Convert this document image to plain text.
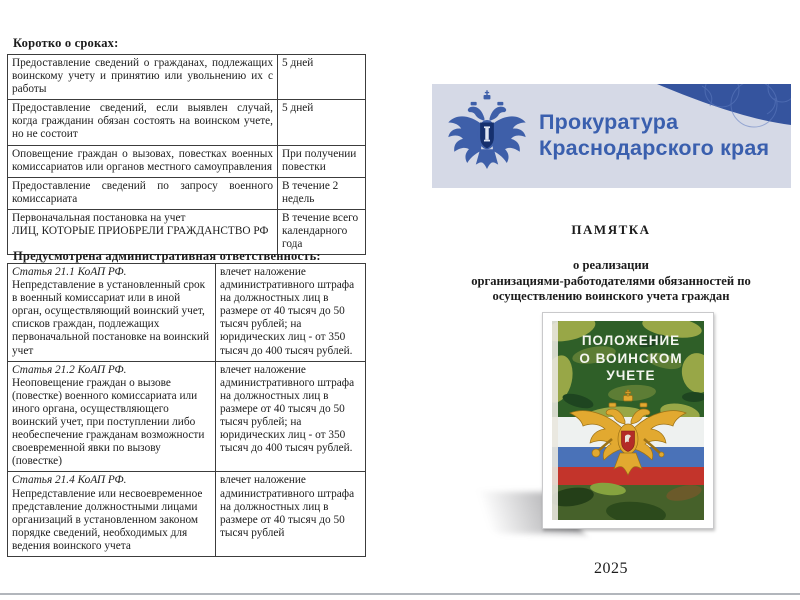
Коротко о сроках:
Предоставление сведений о гражданах, подлежащих воинскому учету и принятию или увольнению их с работы	5 дней
Предоставление сведений, если выявлен случай, когда гражданин обязан состоять на воинском учете, но не состоит	5 дней
Оповещение граждан о вызовах, повестках военных комиссариатов или органов местного самоуправления	При получении повестки
Предоставление сведений по запросу военного комиссариата	В течение 2 недель
Первоначальная постановка на учет
ЛИЦ, КОТОРЫЕ ПРИОБРЕЛИ ГРАЖДАНСТВО РФ	В течение всего календарного года
Предусмотрена административная ответственность:
Статья 21.1 КоАП РФ.
Непредставление в установленный срок в военный комиссариат или в иной орган, осуществляющий воинский учет, списков граждан, подлежащих первоначальной постановке на воинский учет	влечет наложение административного штрафа на должностных лиц в размере от 40 тысяч до 50 тысяч рублей; на юридических лиц - от 350 тысяч до 400 тысяч рублей.
Статья 21.2 КоАП РФ.
Неоповещение граждан о вызове (повестке) военного комиссариата или иного органа, осуществляющего воинский учет, при поступлении либо необеспечение гражданам возможности своевременной явки по вызову (повестке)	влечет наложение административного штрафа на должностных лиц в размере от 40 тысяч до 50 тысяч рублей; на юридических лиц - от 350 тысяч до 400 тысяч рублей.
Статья 21.4 КоАП РФ.
Непредставление или несвоевременное представление должностными лицами организаций в установленном законом порядке сведений, необходимых для ведения воинского учета	влечет наложение административного штрафа на должностных лиц в размере от 40 тысяч до 50 тысяч рублей
Прокуратура
Краснодарского края
ПАМЯТКА
о реализации
организациями-работодателями обязанностей по
осуществлению воинского учета граждан
ПОЛОЖЕНИЕ
О ВОИНСКОМ
УЧЕТЕ
2025
